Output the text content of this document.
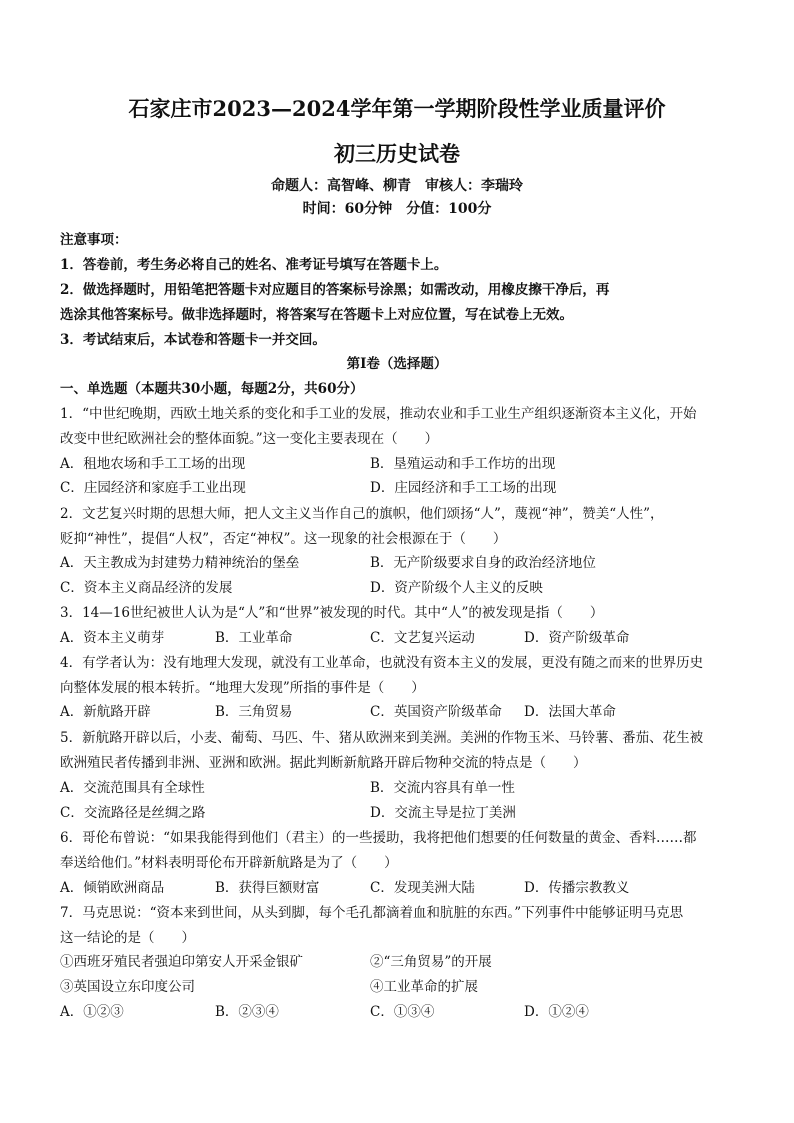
石家庄市2023—2024学年第一学期阶段性学业质量评价
初三历史试卷
命题人：高智峰、柳青　审核人：李瑞玲
时间：60分钟　分值：100分
注意事项：
1．答卷前，考生务必将自己的姓名、准考证号填写在答题卡上。
2．做选择题时，用铅笔把答题卡对应题目的答案标号涂黑；如需改动，用橡皮擦干净后，再
选涂其他答案标号。做非选择题时，将答案写在答题卡上对应位置，写在试卷上无效。
3．考试结束后，本试卷和答题卡一并交回。
第Ⅰ卷（选择题）
一、单选题（本题共30小题，每题2分，共60分）
1．“中世纪晚期，西欧土地关系的变化和手工业的发展，推动农业和手工业生产组织逐渐资本主义化，开始
改变中世纪欧洲社会的整体面貌。”这一变化主要表现在（　　）
A．租地农场和手工工场的出现	B．垦殖运动和手工作坊的出现
C．庄园经济和家庭手工业出现	D．庄园经济和手工工场的出现
2．文艺复兴时期的思想大师，把人文主义当作自己的旗帜，他们颂扬“人”，蔑视“神”，赞美“人性”，
贬抑“神性”，提倡“人权”，否定“神权”。这一现象的社会根源在于（　　）
A．天主教成为封建势力精神统治的堡垒	B．无产阶级要求自身的政治经济地位
C．资本主义商品经济的发展	D．资产阶级个人主义的反映
3．14—16世纪被世人认为是“人”和“世界”被发现的时代。其中“人”的被发现是指（　　）
A．资本主义萌芽	B．工业革命	C．文艺复兴运动	D．资产阶级革命
4．有学者认为：没有地理大发现，就没有工业革命，也就没有资本主义的发展，更没有随之而来的世界历史
向整体发展的根本转折。“地理大发现”所指的事件是（　　）
A．新航路开辟	B．三角贸易	C．英国资产阶级革命 D．法国大革命
5．新航路开辟以后，小麦、葡萄、马匹、牛、猪从欧洲来到美洲。美洲的作物玉米、马铃薯、番茄、花生被
欧洲殖民者传播到非洲、亚洲和欧洲。据此判断新航路开辟后物种交流的特点是（　　）
A．交流范围具有全球性	B．交流内容具有单一性
C．交流路径是丝绸之路	D．交流主导是拉丁美洲
6．哥伦布曾说：“如果我能得到他们（君主）的一些援助，我将把他们想要的任何数量的黄金、香料……都
奉送给他们。”材料表明哥伦布开辟新航路是为了（　　）
A．倾销欧洲商品	B．获得巨额财富	C．发现美洲大陆	D．传播宗教教义
7．马克思说：“资本来到世间，从头到脚，每个毛孔都滴着血和肮脏的东西。”下列事件中能够证明马克思
这一结论的是（　　）
①西班牙殖民者强迫印第安人开采金银矿	②“三角贸易”的开展
③英国设立东印度公司	④工业革命的扩展
A．①②③	B．②③④	C．①③④	D．①②④
